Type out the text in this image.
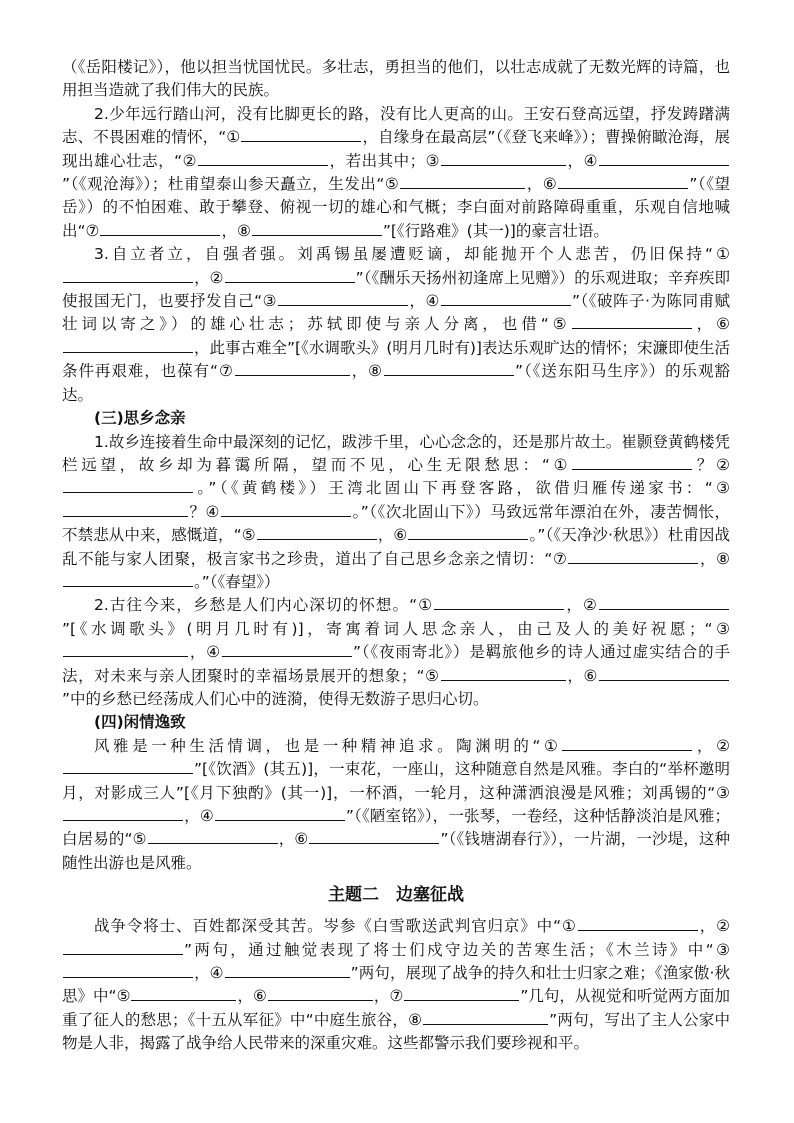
（《岳阳楼记》），他以担当忧国忧民。多壮志，勇担当的他们，以壮志成就了无数光辉的诗篇，也用担当造就了我们伟大的民族。

2.少年远行踏山河，没有比脚更长的路，没有比人更高的山。王安石登高远望，抒发踌躇满志、不畏困难的情怀，“①	，自缘身在最高层”（《登飞来峰》）；曹操俯瞰沧海，展现出雄心壮志，“②	，若出其中；③	，④”（《观沧海》）；杜甫望泰山参天矗立，生发出“⑤	，⑥	”（《望岳》）的不怕困难、敢于攀登、俯视一切的雄心和气概；李白面对前路障碍重重，乐观自信地喊出“⑦	，⑧	”[《行路难》(其一)]的豪言壮语。

3.自立者立，自强者强。刘禹锡虽屡遭贬谪，却能抛开个人悲苦，仍旧保持“①，②	”（《酬乐天扬州初逢席上见赠》）的乐观进取；辛弃疾即使报国无门，也要抒发自己“③	，④	”（《破阵子·为陈同甫赋壮词以寄之》）的雄心壮志；苏轼即使与亲人分离，也借“⑤	，⑥，此事古难全”[《水调歌头》(明月几时有)]表达乐观旷达的情怀；宋濂即使生活条件再艰难，也葆有“⑦	，⑧	”（《送东阳马生序》）的乐观豁达。

(三)思乡念亲

1.故乡连接着生命中最深刻的记忆，跋涉千里，心心念念的，还是那片故土。崔颢登黄鹤楼凭栏远望，故乡却为暮霭所隔，望而不见，心生无限愁思：“①	？②。”（《黄鹤楼》）王湾北固山下再登客路，欲借归雁传递家书：“③？④	。”（《次北固山下》）马致远常年漂泊在外，凄苦惆怅，不禁悲从中来，感慨道，“⑤	，⑥	。”（《天净沙·秋思》）杜甫因战乱不能与家人团聚，极言家书之珍贵，道出了自己思乡念亲之情切：“⑦	，⑧。”（《春望》）

2.古往今来，乡愁是人们内心深切的怀想。“①	，②”[《水调歌头》(明月几时有)]，寄寓着词人思念亲人，由己及人的美好祝愿；“③，④	”（《夜雨寄北》）是羁旅他乡的诗人通过虚实结合的手法，对未来与亲人团聚时的幸福场景展开的想象；“⑤	，⑥”中的乡愁已经荡成人们心中的涟漪，使得无数游子思归心切。

(四)闲情逸致

风雅是一种生活情调，也是一种精神追求。陶渊明的“①	，②”[《饮酒》(其五)]，一束花，一座山，这种随意自然是风雅。李白的“举杯邀明月，对影成三人”[《月下独酌》(其一)]，一杯酒，一轮月，这种潇洒浪漫是风雅；刘禹锡的“③，④	”（《陋室铭》），一张琴，一卷经，这种恬静淡泊是风雅；白居易的“⑤	，⑥	”（《钱塘湖春行》），一片湖，一沙堤，这种随性出游也是风雅。

主题二　边塞征战

战争令将士、百姓都深受其苦。岑参《白雪歌送武判官归京》中“①	，②”两句，通过触觉表现了将士们戍守边关的苦寒生活；《木兰诗》中“③，④	”两句，展现了战争的持久和壮士归家之难；《渔家傲·秋思》中“⑤	，⑥	，⑦	”几句，从视觉和听觉两方面加重了征人的愁思；《十五从军征》中“中庭生旅谷，⑧	”两句，写出了主人公家中物是人非，揭露了战争给人民带来的深重灾难。这些都警示我们要珍视和平。
